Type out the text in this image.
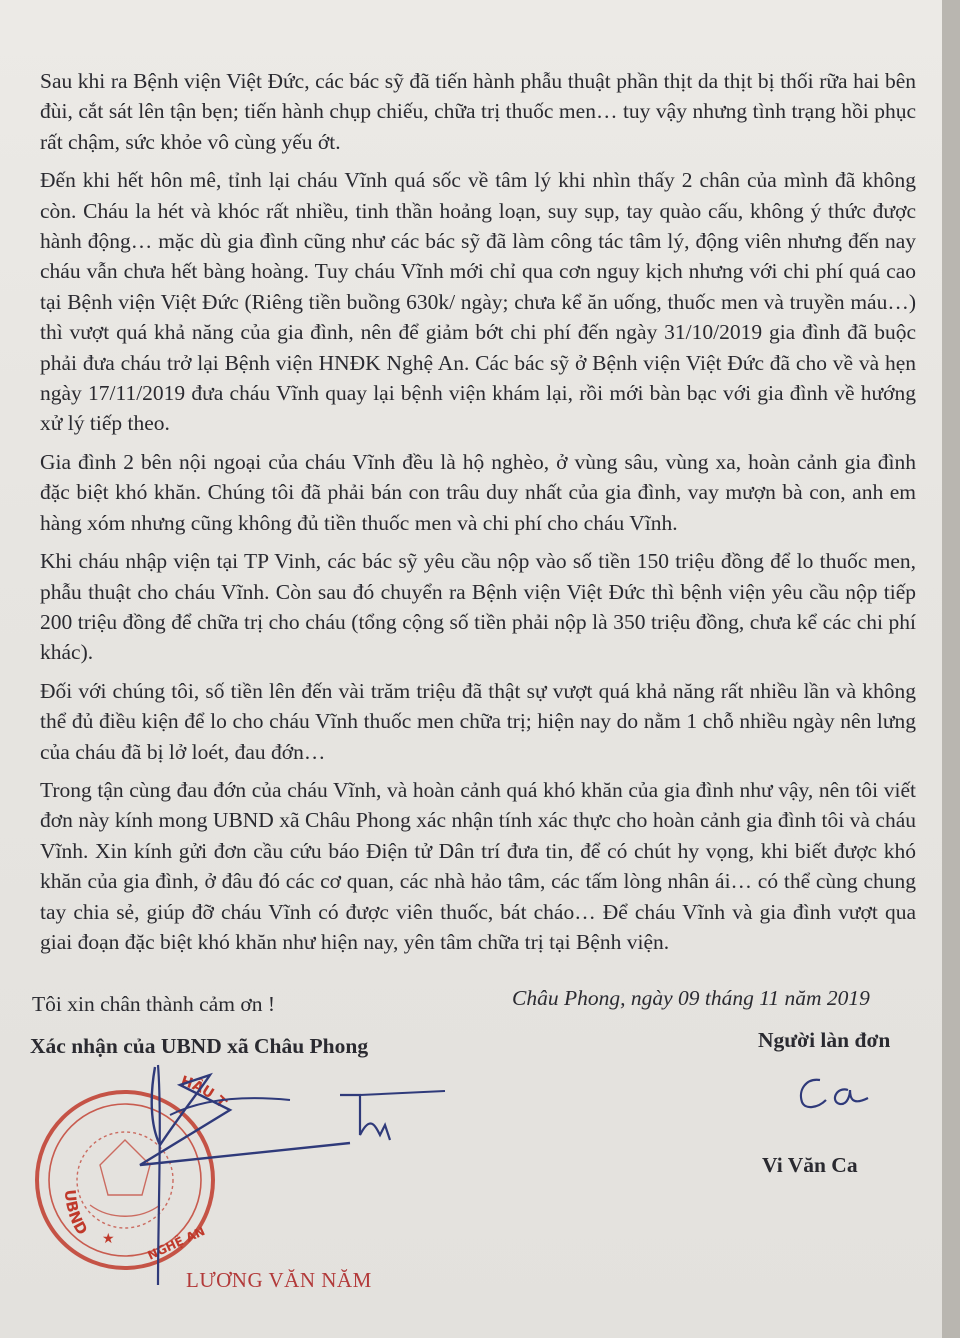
Sau khi ra Bệnh viện Việt Đức, các bác sỹ đã tiến hành phẫu thuật phần thịt da thịt bị thối rữa hai bên đùi, cắt sát lên tận bẹn; tiến hành chụp chiếu, chữa trị thuốc men… tuy vậy nhưng tình trạng hồi phục rất chậm, sức khỏe vô cùng yếu ớt.

Đến khi hết hôn mê, tỉnh lại cháu Vĩnh quá sốc về tâm lý khi nhìn thấy 2 chân của mình đã không còn. Cháu la hét và khóc rất nhiều, tinh thần hoảng loạn, suy sụp, tay quào cấu, không ý thức được hành động… mặc dù gia đình cũng như các bác sỹ đã làm công tác tâm lý, động viên nhưng đến nay cháu vẫn chưa hết bàng hoàng. Tuy cháu Vĩnh mới chỉ qua cơn nguy kịch nhưng với chi phí quá cao tại Bệnh viện Việt Đức (Riêng tiền buồng 630k/ ngày; chưa kể ăn uống, thuốc men và truyền máu…) thì vượt quá khả năng của gia đình, nên để giảm bớt chi phí đến ngày 31/10/2019 gia đình đã buộc phải đưa cháu trở lại Bệnh viện HNĐK Nghệ An. Các bác sỹ ở Bệnh viện Việt Đức đã cho về và hẹn ngày 17/11/2019 đưa cháu Vĩnh quay lại bệnh viện khám lại, rồi mới bàn bạc với gia đình về hướng xử lý tiếp theo.

Gia đình 2 bên nội ngoại của cháu Vĩnh đều là hộ nghèo, ở vùng sâu, vùng xa, hoàn cảnh gia đình đặc biệt khó khăn. Chúng tôi đã phải bán con trâu duy nhất của gia đình, vay mượn bà con, anh em hàng xóm nhưng cũng không đủ tiền thuốc men và chi phí cho cháu Vĩnh.

Khi cháu nhập viện tại TP Vinh, các bác sỹ yêu cầu nộp vào số tiền 150 triệu đồng để lo thuốc men, phẫu thuật cho cháu Vĩnh. Còn sau đó chuyển ra Bệnh viện Việt Đức thì bệnh viện yêu cầu nộp tiếp 200 triệu đồng để chữa trị cho cháu (tổng cộng số tiền phải nộp là 350 triệu đồng, chưa kể các chi phí khác).

Đối với chúng tôi, số tiền lên đến vài trăm triệu đã thật sự vượt quá khả năng rất nhiều lần và không thể đủ điều kiện để lo cho cháu Vĩnh thuốc men chữa trị; hiện nay do nằm 1 chỗ nhiều ngày nên lưng của cháu đã bị lở loét, đau đớn…

Trong tận cùng đau đớn của cháu Vĩnh, và hoàn cảnh quá khó khăn của gia đình như vậy, nên tôi viết đơn này kính mong UBND xã Châu Phong xác nhận tính xác thực cho hoàn cảnh gia đình tôi và cháu Vĩnh. Xin kính gửi đơn cầu cứu báo Điện tử Dân trí đưa tin, để có chút hy vọng, khi biết được khó khăn của gia đình, ở đâu đó các cơ quan, các nhà hảo tâm, các tấm lòng nhân ái… có thể cùng chung tay chia sẻ, giúp đỡ cháu Vĩnh có được viên thuốc, bát cháo… Để cháu Vĩnh và gia đình vượt qua giai đoạn đặc biệt khó khăn như hiện nay, yên tâm chữa trị tại Bệnh viện.

Tôi xin chân thành cảm ơn !	Châu Phong, ngày 09 tháng 11 năm 2019
Xác nhận của UBND xã Châu Phong	Người làn đơn
Vi Văn Ca
UBND
HÂU T
NGHỆ AN
★
LƯƠNG VĂN NĂM
